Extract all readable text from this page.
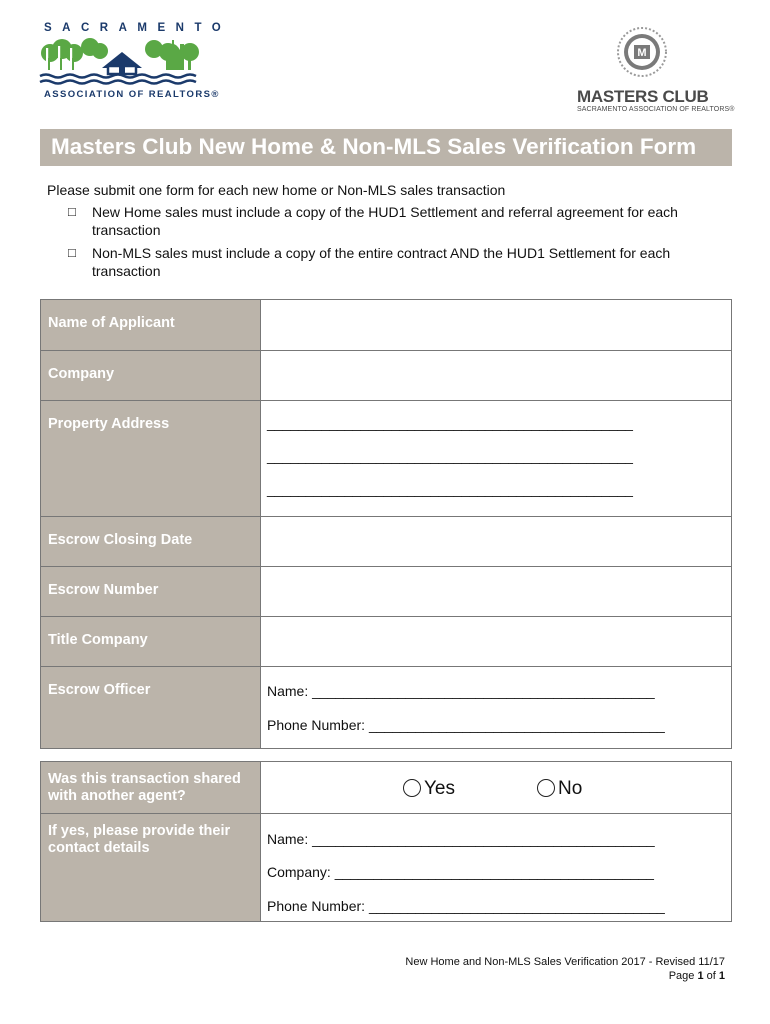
SACRAMENTO
ASSOCIATION OF REALTORS®
M
MASTERS CLUB
SACRAMENTO ASSOCIATION OF REALTORS®
Masters Club New Home & Non-MLS Sales Verification Form
Please submit one form for each new home or Non-MLS sales transaction
□ New Home sales must include a copy of the HUD1 Settlement and referral agreement for each transaction
□ Non-MLS sales must include a copy of the entire contract AND the HUD1 Settlement for each transaction
Name of Applicant
Company
Property Address	_______________________________________________
_______________________________________________
_______________________________________________
Escrow Closing Date
Escrow Number
Title Company
Escrow Officer	Name: ____________________________________________
Phone Number: ______________________________________
Was this transaction shared with another agent?	Yes	No
If yes, please provide their contact details
Name: ____________________________________________
Company: _________________________________________
Phone Number: ______________________________________
New Home and Non-MLS Sales Verification 2017 - Revised 11/17
Page 1 of 1
